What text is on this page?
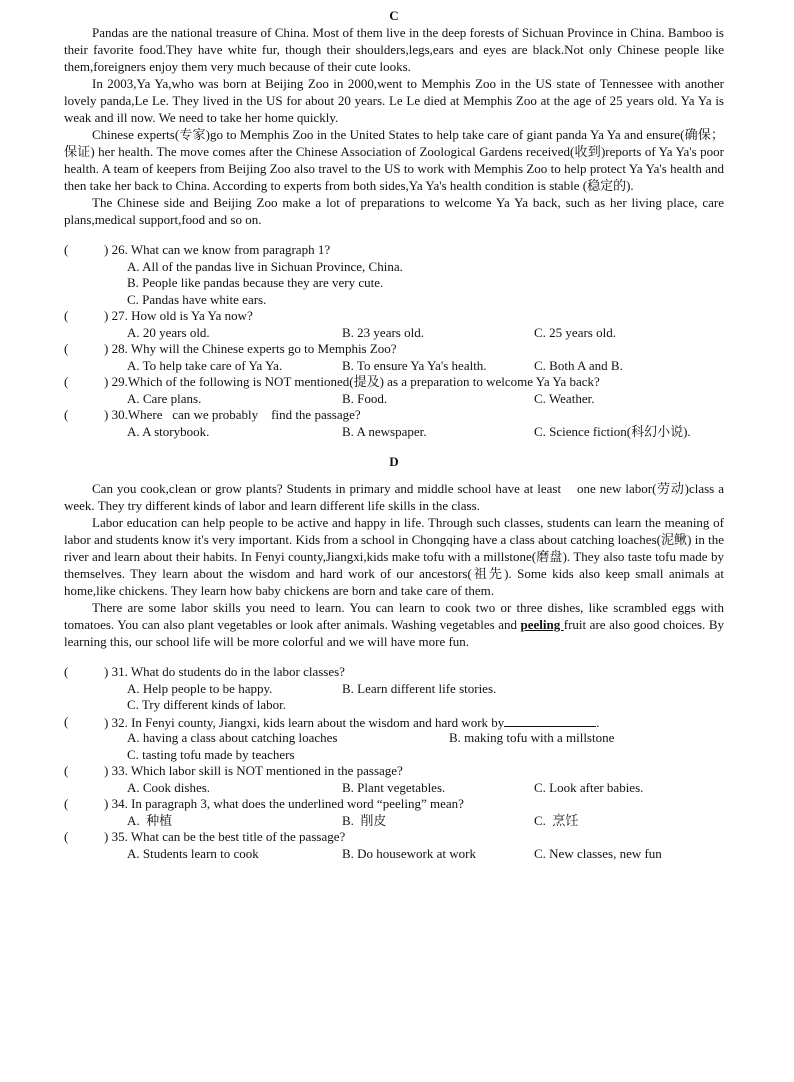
C

Pandas are the national treasure of China. Most of them live in the deep forests of Sichuan Province in China. Bamboo is their favorite food.They have white fur, though their shoulders,legs,ears and eyes are black.Not only Chinese people like them,foreigners enjoy them very much because of their cute looks.

In 2003,Ya Ya,who was born at Beijing Zoo in 2000,went to Memphis Zoo in the US state of Tennessee with another lovely panda,Le Le. They lived in the US for about 20 years. Le Le died at Memphis Zoo at the age of 25 years old. Ya Ya is weak and ill now. We need to take her home quickly.

Chinese experts(专家)go to Memphis Zoo in the United States to help take care of giant panda Ya Ya and ensure(确保；保证) her health. The move comes after the Chinese Association of Zoological Gardens received(收到)reports of Ya Ya's poor health. A team of keepers from Beijing Zoo also travel to the US to work with Memphis Zoo to help protect Ya Ya's health and then take her back to China. According to experts from both sides,Ya Ya's health condition is stable (稳定的).

The Chinese side and Beijing Zoo make a lot of preparations to welcome Ya Ya back, such as her living place, care plans,medical support,food and so on.

(	) 26. What can we know from paragraph 1?
A. All of the pandas live in Sichuan Province, China.
B. People like pandas because they are very cute.
C. Pandas have white ears.
(	) 27. How old is Ya Ya now?
A. 20 years old.	B. 23 years old.	C. 25 years old.
(	) 28. Why will the Chinese experts go to Memphis Zoo?
A. To help take care of Ya Ya.	B. To ensure Ya Ya's health.	C. Both A and B.
(	) 29.Which of the following is NOT mentioned(提及) as a preparation to welcome Ya Ya back?
A. Care plans.	B. Food.	C. Weather.
(	) 30.Where   can we probably    find the passage?
A. A storybook.	B. A newspaper.	C. Science fiction(科幻小说).

D

Can you cook,clean or grow plants? Students in primary and middle school have at least    one new labor(劳动)class a week. They try different kinds of labor and learn different life skills in the class.

Labor education can help people to be active and happy in life. Through such classes, students can learn the meaning of labor and students know it's very important. Kids from a school in Chongqing have a class about catching loaches(泥鳅) in the river and learn about their habits. In Fenyi county,Jiangxi,kids make tofu with a millstone(磨盘). They also taste tofu made by themselves. They learn about the wisdom and hard work of our ancestors(祖先). Some kids also keep small animals at home,like chickens. They learn how baby chickens are born and take care of them.

There are some labor skills you need to learn. You can learn to cook two or three dishes, like scrambled eggs with tomatoes. You can also plant vegetables or look after animals. Washing vegetables and peeling fruit are also good choices. By learning this, our school life will be more colorful and we will have more fun.

(	) 31. What do students do in the labor classes?
A. Help people to be happy.	B. Learn different life stories.
C. Try different kinds of labor.
(	) 32. In Fenyi county, Jiangxi, kids learn about the wisdom and hard work by	.
A. having a class about catching loaches	B. making tofu with a millstone
C. tasting tofu made by teachers
(	) 33. Which labor skill is NOT mentioned in the passage?
A. Cook dishes.	B. Plant vegetables.	C. Look after babies.
(	) 34. In paragraph 3, what does the underlined word “peeling” mean?
A.  种植	B.  削皮	C.  烹饪
(	) 35. What can be the best title of the passage?
A. Students learn to cook	B. Do housework at work	C. New classes, new fun
